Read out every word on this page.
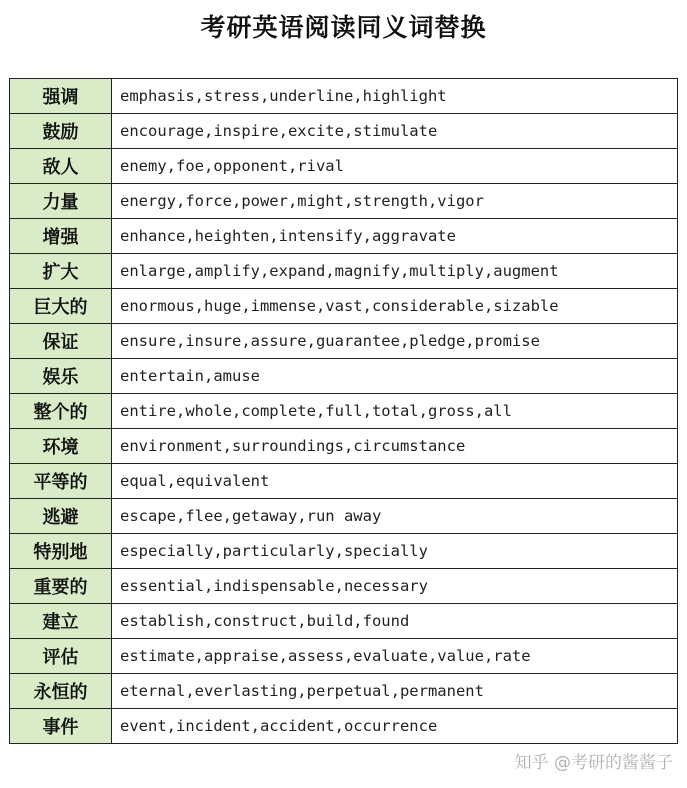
考研英语阅读同义词替换
强调	emphasis,stress,underline,highlight
鼓励	encourage,inspire,excite,stimulate
敌人	enemy,foe,opponent,rival
力量	energy,force,power,might,strength,vigor
增强	enhance,heighten,intensify,aggravate
扩大	enlarge,amplify,expand,magnify,multiply,augment
巨大的	enormous,huge,immense,vast,considerable,sizable
保证	ensure,insure,assure,guarantee,pledge,promise
娱乐	entertain,amuse
整个的	entire,whole,complete,full,total,gross,all
环境	environment,surroundings,circumstance
平等的	equal,equivalent
逃避	escape,flee,getaway,run away
特别地	especially,particularly,specially
重要的	essential,indispensable,necessary
建立	establish,construct,build,found
评估	estimate,appraise,assess,evaluate,value,rate
永恒的	eternal,everlasting,perpetual,permanent
事件	event,incident,accident,occurrence
知乎 @考研的酱酱子
